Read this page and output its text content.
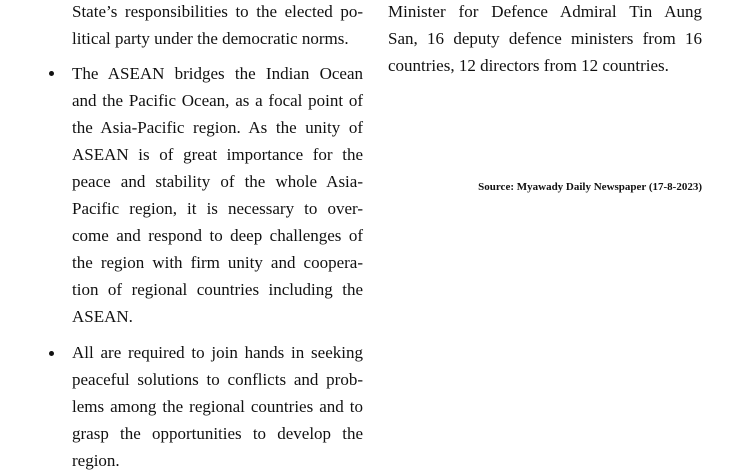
State’s responsibilities to the elected po-
litical party under the democratic norms.
The ASEAN bridges the Indian Ocean
and the Pacific Ocean, as a focal point of
the Asia-Pacific region. As the unity of
ASEAN is of great importance for the
peace and stability of the whole Asia-
Pacific region, it is necessary to over-
come and respond to deep challenges of
the region with firm unity and coopera-
tion of regional countries including the
ASEAN.
All are required to join hands in seeking
peaceful solutions to conflicts and prob-
lems among the regional countries and to
grasp the opportunities to develop the
region.
Minister for Defence Admiral Tin Aung
San, 16 deputy defence ministers from 16
countries, 12 directors from 12 countries.
Source: Myawady Daily Newspaper (17-8-2023)
